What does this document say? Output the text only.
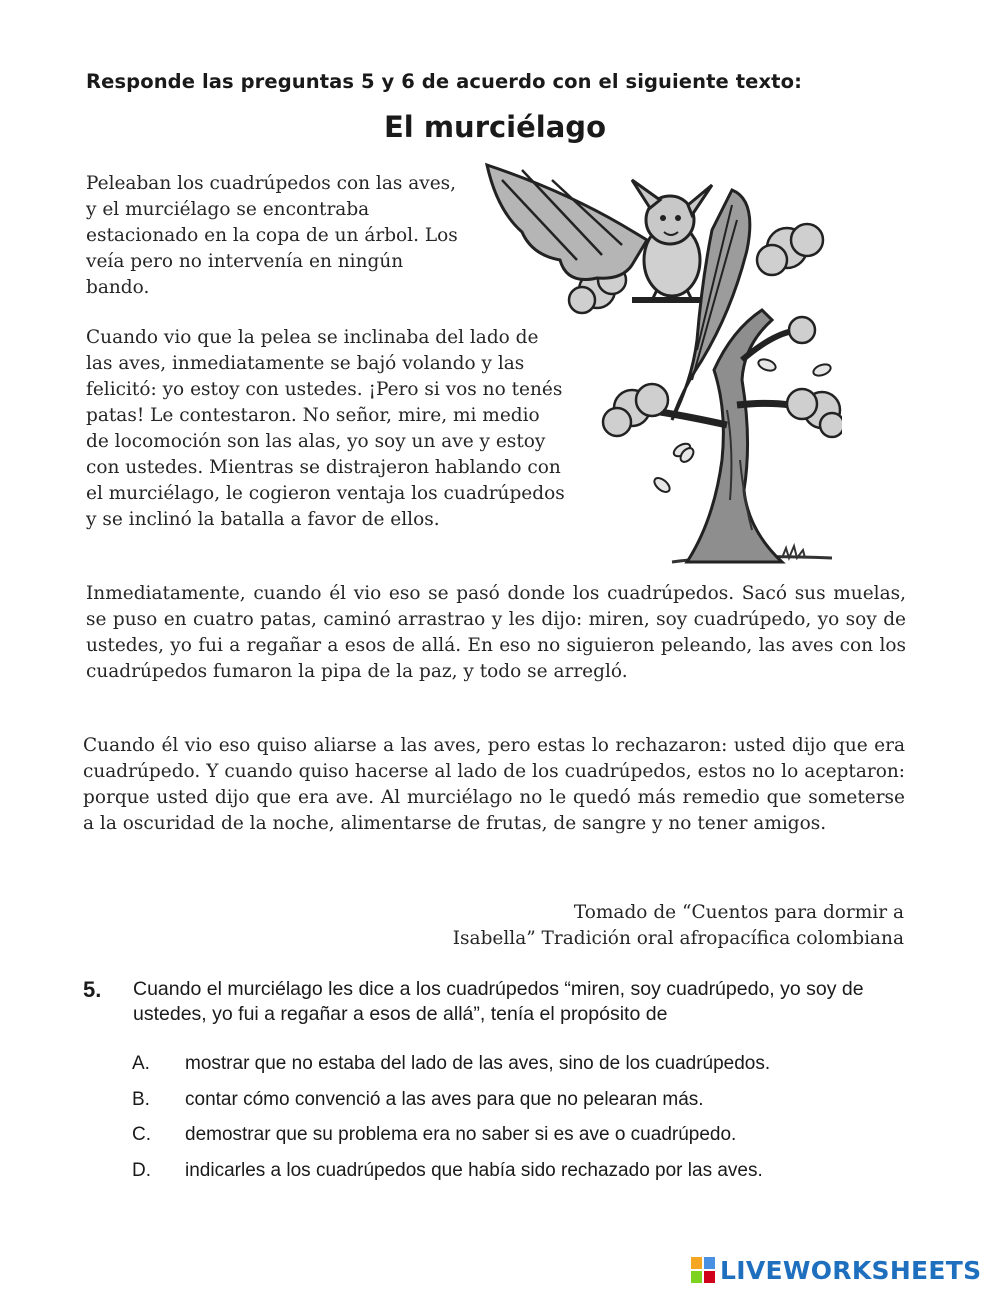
Responde las preguntas 5 y 6 de acuerdo con el siguiente texto:
El murciélago

Peleaban los cuadrúpedos con las aves, y el murciélago se encontraba estacionado en la copa de un árbol. Los veía pero no intervenía en ningún bando.

Cuando vio que la pelea se inclinaba del lado de las aves, inmediatamente se bajó volando y las felicitó: yo estoy con ustedes. ¡Pero si vos no tenés patas! Le contestaron. No señor, mire, mi medio de locomoción son las alas, yo soy un ave y estoy con ustedes. Mientras se distrajeron hablando con el murciélago, le cogieron ventaja los cuadrúpedos y se inclinó la batalla a favor de ellos.

Inmediatamente, cuando él vio eso se pasó donde los cuadrúpedos. Sacó sus muelas, se puso en cuatro patas, caminó arrastrao y les dijo: miren, soy cuadrúpedo, yo soy de ustedes, yo fui a regañar a esos de allá. En eso no siguieron peleando, las aves con los cuadrúpedos fumaron la pipa de la paz, y todo se arregló.

Cuando él vio eso quiso aliarse a las aves, pero estas lo rechazaron: usted dijo que era cuadrúpedo. Y cuando quiso hacerse al lado de los cuadrúpedos, estos no lo aceptaron: porque usted dijo que era ave. Al murciélago no le quedó más remedio que someterse a la oscuridad de la noche, alimentarse de frutas, de sangre y no tener amigos.

Tomado de “Cuentos para dormir a
Isabella” Tradición oral afropacífica colombiana
5. Cuando el murciélago les dice a los cuadrúpedos “miren, soy cuadrúpedo, yo soy de ustedes, yo fui a regañar a esos de allá”, tenía el propósito de
A. mostrar que no estaba del lado de las aves, sino de los cuadrúpedos.
B. contar cómo convenció a las aves para que no pelearan más.
C. demostrar que su problema era no saber si es ave o cuadrúpedo.
D. indicarles a los cuadrúpedos que había sido rechazado por las aves.
LIVEWORKSHEETS
